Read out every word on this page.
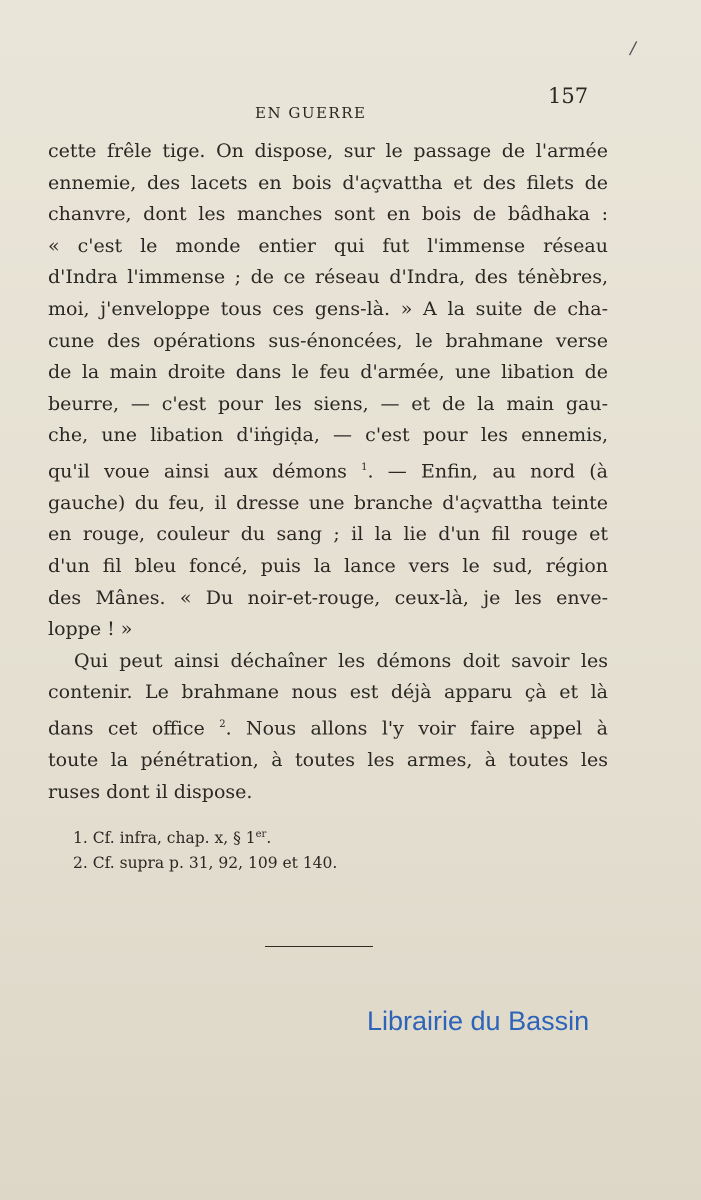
/
EN GUERRE
157
cette frêle tige. On dispose, sur le passage de l'armée
ennemie, des lacets en bois d'açvattha et des filets de
chanvre, dont les manches sont en bois de bâdhaka :
« c'est le monde entier qui fut l'immense réseau
d'Indra l'immense ; de ce réseau d'Indra, des ténèbres,
moi, j'enveloppe tous ces gens-là. » A la suite de cha-
cune des opérations sus-énoncées, le brahmane verse
de la main droite dans le feu d'armée, une libation de
beurre, — c'est pour les siens, — et de la main gau-
che, une libation d'iṅgiḍa, — c'est pour les ennemis,
qu'il voue ainsi aux démons $^1$. — Enfin, au nord (à
gauche) du feu, il dresse une branche d'açvattha teinte
en rouge, couleur du sang ; il la lie d'un fil rouge et
d'un fil bleu foncé, puis la lance vers le sud, région
des Mânes. « Du noir-et-rouge, ceux-là, je les enve-
loppe ! »
Qui peut ainsi déchaîner les démons doit savoir les
contenir. Le brahmane nous est déjà apparu çà et là
dans cet office $^2$. Nous allons l'y voir faire appel à
toute la pénétration, à toutes les armes, à toutes les
ruses dont il dispose.
1. Cf. infra, chap. x, § 1er.
2. Cf. supra p. 31, 92, 109 et 140.
Librairie du Bassin
